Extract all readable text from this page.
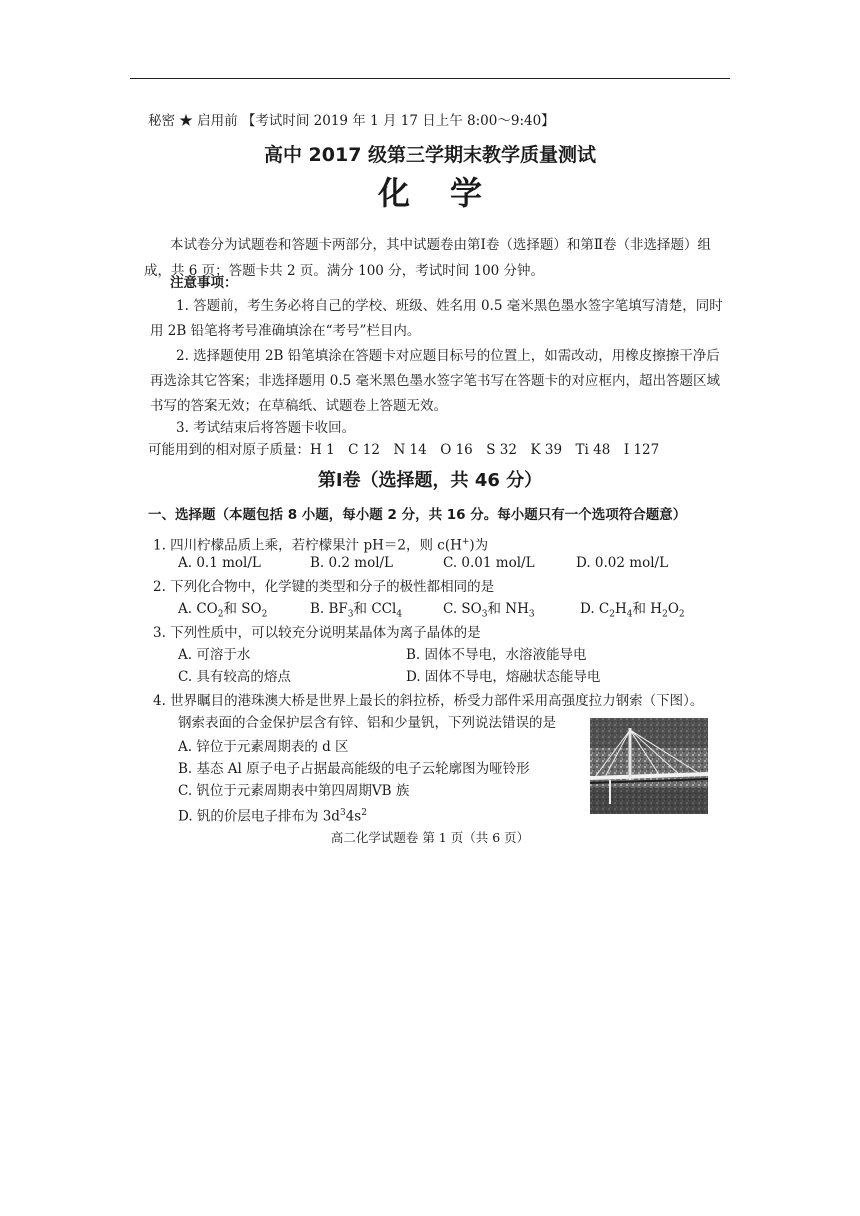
秘密 ★ 启用前 【考试时间 2019 年 1 月 17 日上午 8:00～9:40】
高中 2017 级第三学期末教学质量测试
化学
本试卷分为试题卷和答题卡两部分，其中试题卷由第Ⅰ卷（选择题）和第Ⅱ卷（非选择题）组成，共 6 页；答题卡共 2 页。满分 100 分，考试时间 100 分钟。
注意事项：
1. 答题前，考生务必将自己的学校、班级、姓名用 0.5 毫米黑色墨水签字笔填写清楚，同时用 2B 铅笔将考号准确填涂在“考号”栏目内。
2. 选择题使用 2B 铅笔填涂在答题卡对应题目标号的位置上，如需改动，用橡皮擦擦干净后再选涂其它答案；非选择题用 0.5 毫米黑色墨水签字笔书写在答题卡的对应框内，超出答题区域书写的答案无效；在草稿纸、试题卷上答题无效。
3. 考试结束后将答题卡收回。
可能用到的相对原子质量：H 1　C 12　N 14　O 16　S 32　K 39　Ti 48　I 127
第Ⅰ卷（选择题，共 46 分）
一、选择题（本题包括 8 小题，每小题 2 分，共 16 分。每小题只有一个选项符合题意）
1. 四川柠檬品质上乘，若柠檬果汁 pH＝2，则 c(H+)为
A. 0.1 mol/L	B. 0.2 mol/L	C. 0.01 mol/L	D. 0.02 mol/L
2. 下列化合物中，化学键的类型和分子的极性都相同的是
A. $CO_2$和 $SO_2$	B. $BF_3$和 CCl$_4$	C. $SO_3$和 $NH_3$	D. $C_2H_4$和 $H_2O_2$
3. 下列性质中，可以较充分说明某晶体为离子晶体的是
A. 可溶于水	B. 固体不导电，水溶液能导电
C. 具有较高的熔点	D. 固体不导电，熔融状态能导电
4. 世界瞩目的港珠澳大桥是世界上最长的斜拉桥，桥受力部件采用高强度拉力钢索（下图）。
钢索表面的合金保护层含有锌、铝和少量钒，下列说法错误的是
A. 锌位于元素周期表的 d 区
B. 基态 Al 原子电子占据最高能级的电子云轮廓图为哑铃形
C. 钒位于元素周期表中第四周期ⅤB 族
D. 钒的价层电子排布为 $3d^34s^2$
高二化学试题卷 第 1 页（共 6 页）
